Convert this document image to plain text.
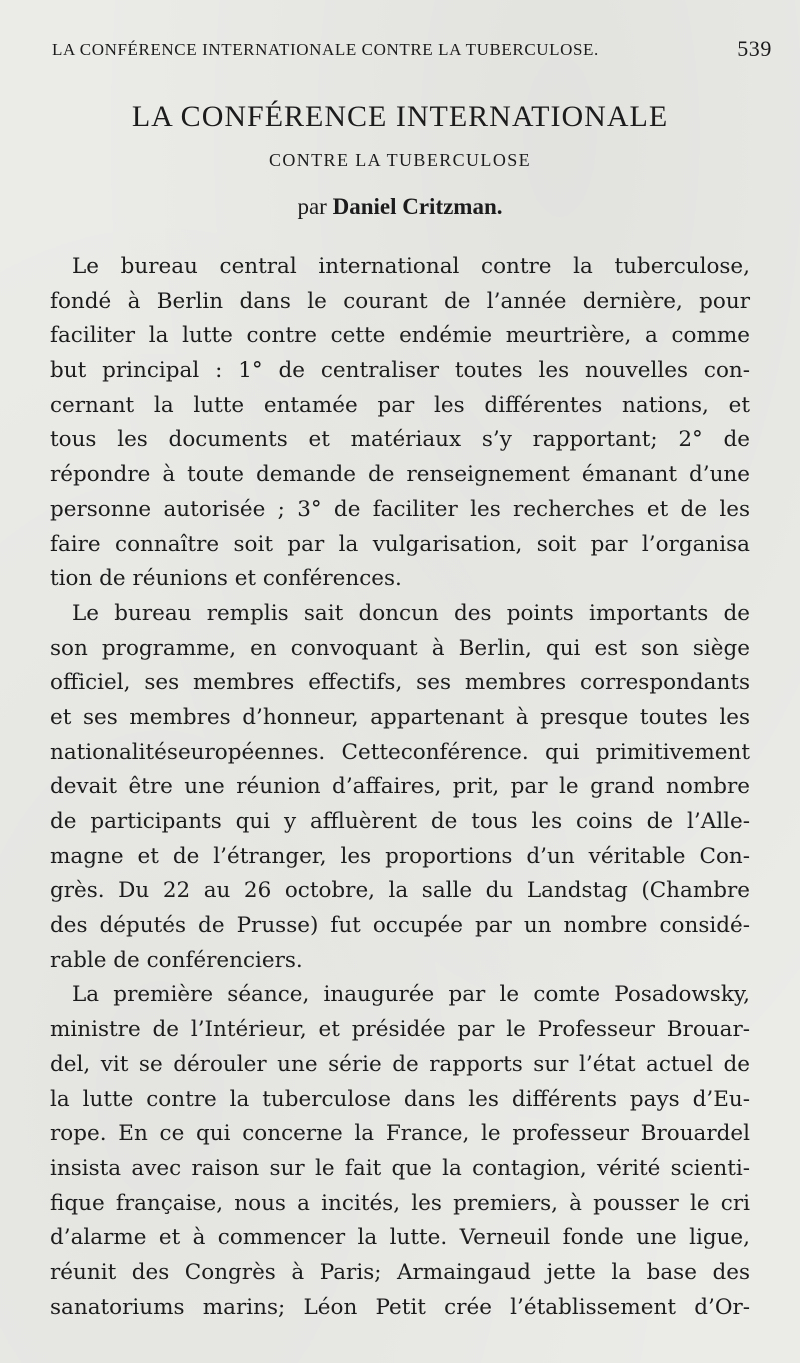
LA CONFÉRENCE INTERNATIONALE CONTRE LA TUBERCULOSE.	539
LA CONFÉRENCE INTERNATIONALE
CONTRE LA TUBERCULOSE
par Daniel Critzman.
Le bureau central international contre la tuberculose,
fondé à Berlin dans le courant de l’année dernière, pour
faciliter la lutte contre cette endémie meurtrière, a comme
but principal : 1° de centraliser toutes les nouvelles con-
cernant la lutte entamée par les différentes nations, et
tous les documents et matériaux s’y rapportant; 2° de
répondre à toute demande de renseignement émanant d’une
personne autorisée ; 3° de faciliter les recherches et de les
faire connaître soit par la vulgarisation, soit par l’organisa
tion de réunions et conférences.
Le bureau remplis sait doncun des points importants de
son programme, en convoquant à Berlin, qui est son siège
officiel, ses membres effectifs, ses membres correspondants
et ses membres d’honneur, appartenant à presque toutes les
nationalitéseuropéennes. Cetteconférence. qui primitivement
devait être une réunion d’affaires, prit, par le grand nombre
de participants qui y affluèrent de tous les coins de l’Alle-
magne et de l’étranger, les proportions d’un véritable Con-
grès. Du 22 au 26 octobre, la salle du Landstag (Chambre
des députés de Prusse) fut occupée par un nombre considé-
rable de conférenciers.
La première séance, inaugurée par le comte Posadowsky,
ministre de l’Intérieur, et présidée par le Professeur Brouar-
del, vit se dérouler une série de rapports sur l’état actuel de
la lutte contre la tuberculose dans les différents pays d’Eu-
rope. En ce qui concerne la France, le professeur Brouardel
insista avec raison sur le fait que la contagion, vérité scienti-
fique française, nous a incités, les premiers, à pousser le cri
d’alarme et à commencer la lutte. Verneuil fonde une ligue,
réunit des Congrès à Paris; Armaingaud jette la base des
sanatoriums marins; Léon Petit crée l’établissement d’Or-
